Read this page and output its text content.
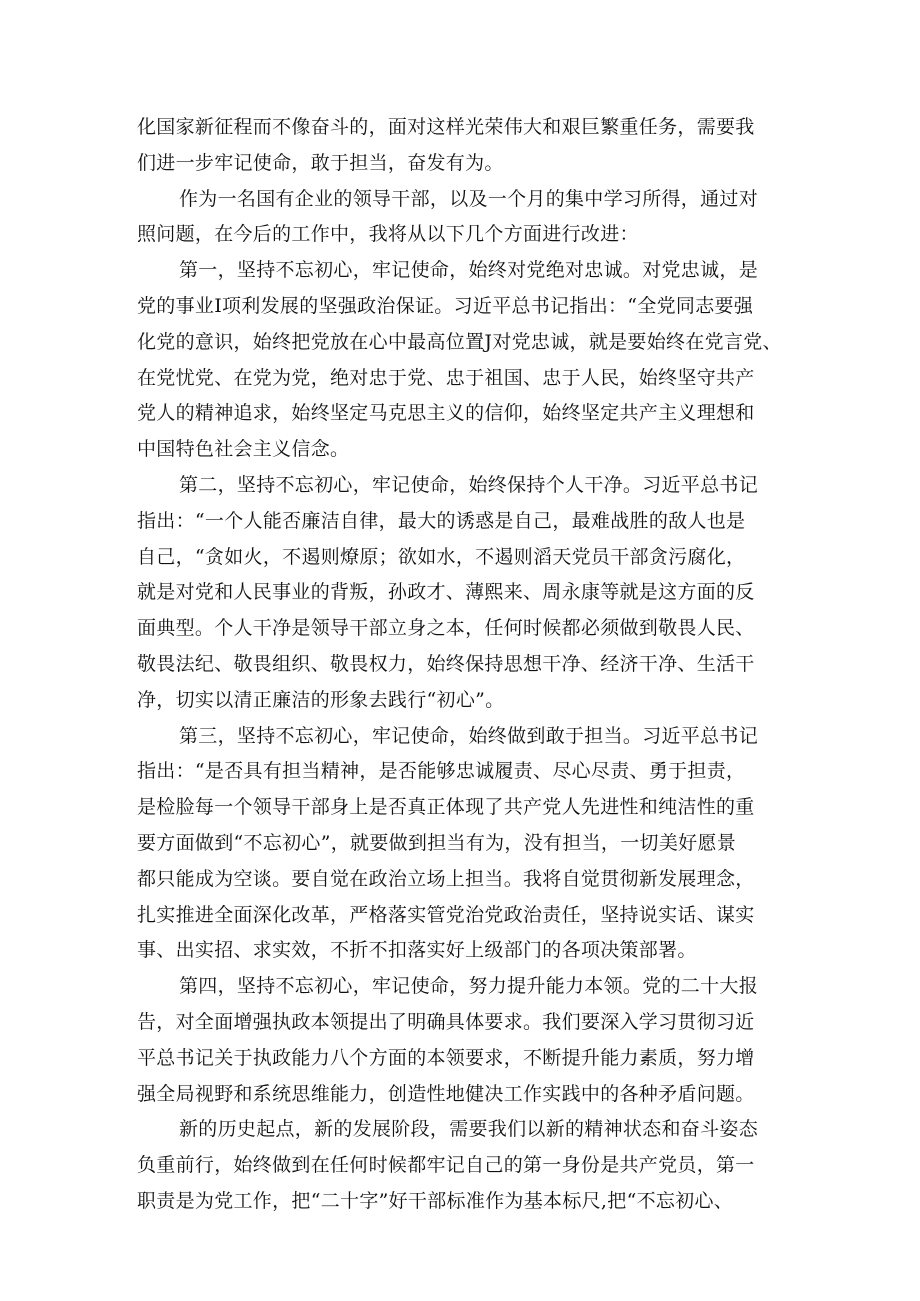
化国家新征程而不像奋斗的，面对这样光荣伟大和艰巨繁重任务，需要我
们进一步牢记使命，敢于担当，奋发有为。
作为一名国有企业的领导干部，以及一个月的集中学习所得，通过对
照问题，在今后的工作中，我将从以下几个方面进行改进：
第一，坚持不忘初心，牢记使命，始终对党绝对忠诚。对党忠诚，是
党的事业I项利发展的坚强政治保证。习近平总书记指出：“全党同志要强
化党的意识，始终把党放在心中最高位置J对党忠诚，就是要始终在党言党、
在党忧党、在党为党，绝对忠于党、忠于祖国、忠于人民，始终坚守共产
党人的精神追求，始终坚定马克思主义的信仰，始终坚定共产主义理想和
中国特色社会主义信念。
第二，坚持不忘初心，牢记使命，始终保持个人干净。习近平总书记
指出：“一个人能否廉洁自律，最大的诱惑是自己，最难战胜的敌人也是
自己，“贪如火，不遏则燎原；欲如水，不遏则滔天党员干部贪污腐化，
就是对党和人民事业的背叛，孙政才、薄熙来、周永康等就是这方面的反
面典型。个人干净是领导干部立身之本，任何时候都必须做到敬畏人民、
敬畏法纪、敬畏组织、敬畏权力，始终保持思想干净、经济干净、生活干
净，切实以清正廉洁的形象去践行“初心”。
第三，坚持不忘初心，牢记使命，始终做到敢于担当。习近平总书记
指出：“是否具有担当精神，是否能够忠诚履责、尽心尽责、勇于担责，
是检脸每一个领导干部身上是否真正体现了共产党人先进性和纯洁性的重
要方面做到“不忘初心”，就要做到担当有为，没有担当，一切美好愿景
都只能成为空谈。要自觉在政治立场上担当。我将自觉贯彻新发展理念，
扎实推进全面深化改革，严格落实管党治党政治责任，坚持说实话、谋实
事、出实招、求实效，不折不扣落实好上级部门的各项决策部署。
第四，坚持不忘初心，牢记使命，努力提升能力本领。党的二十大报
告，对全面增强执政本领提出了明确具体要求。我们要深入学习贯彻习近
平总书记关于执政能力八个方面的本领要求，不断提升能力素质，努力增
强全局视野和系统思维能力，创造性地健决工作实践中的各种矛盾问题。
新的历史起点，新的发展阶段，需要我们以新的精神状态和奋斗姿态
负重前行，始终做到在任何时候都牢记自己的第一身份是共产党员，第一
职责是为党工作，把“二十字”好干部标准作为基本标尺,把“不忘初心、
